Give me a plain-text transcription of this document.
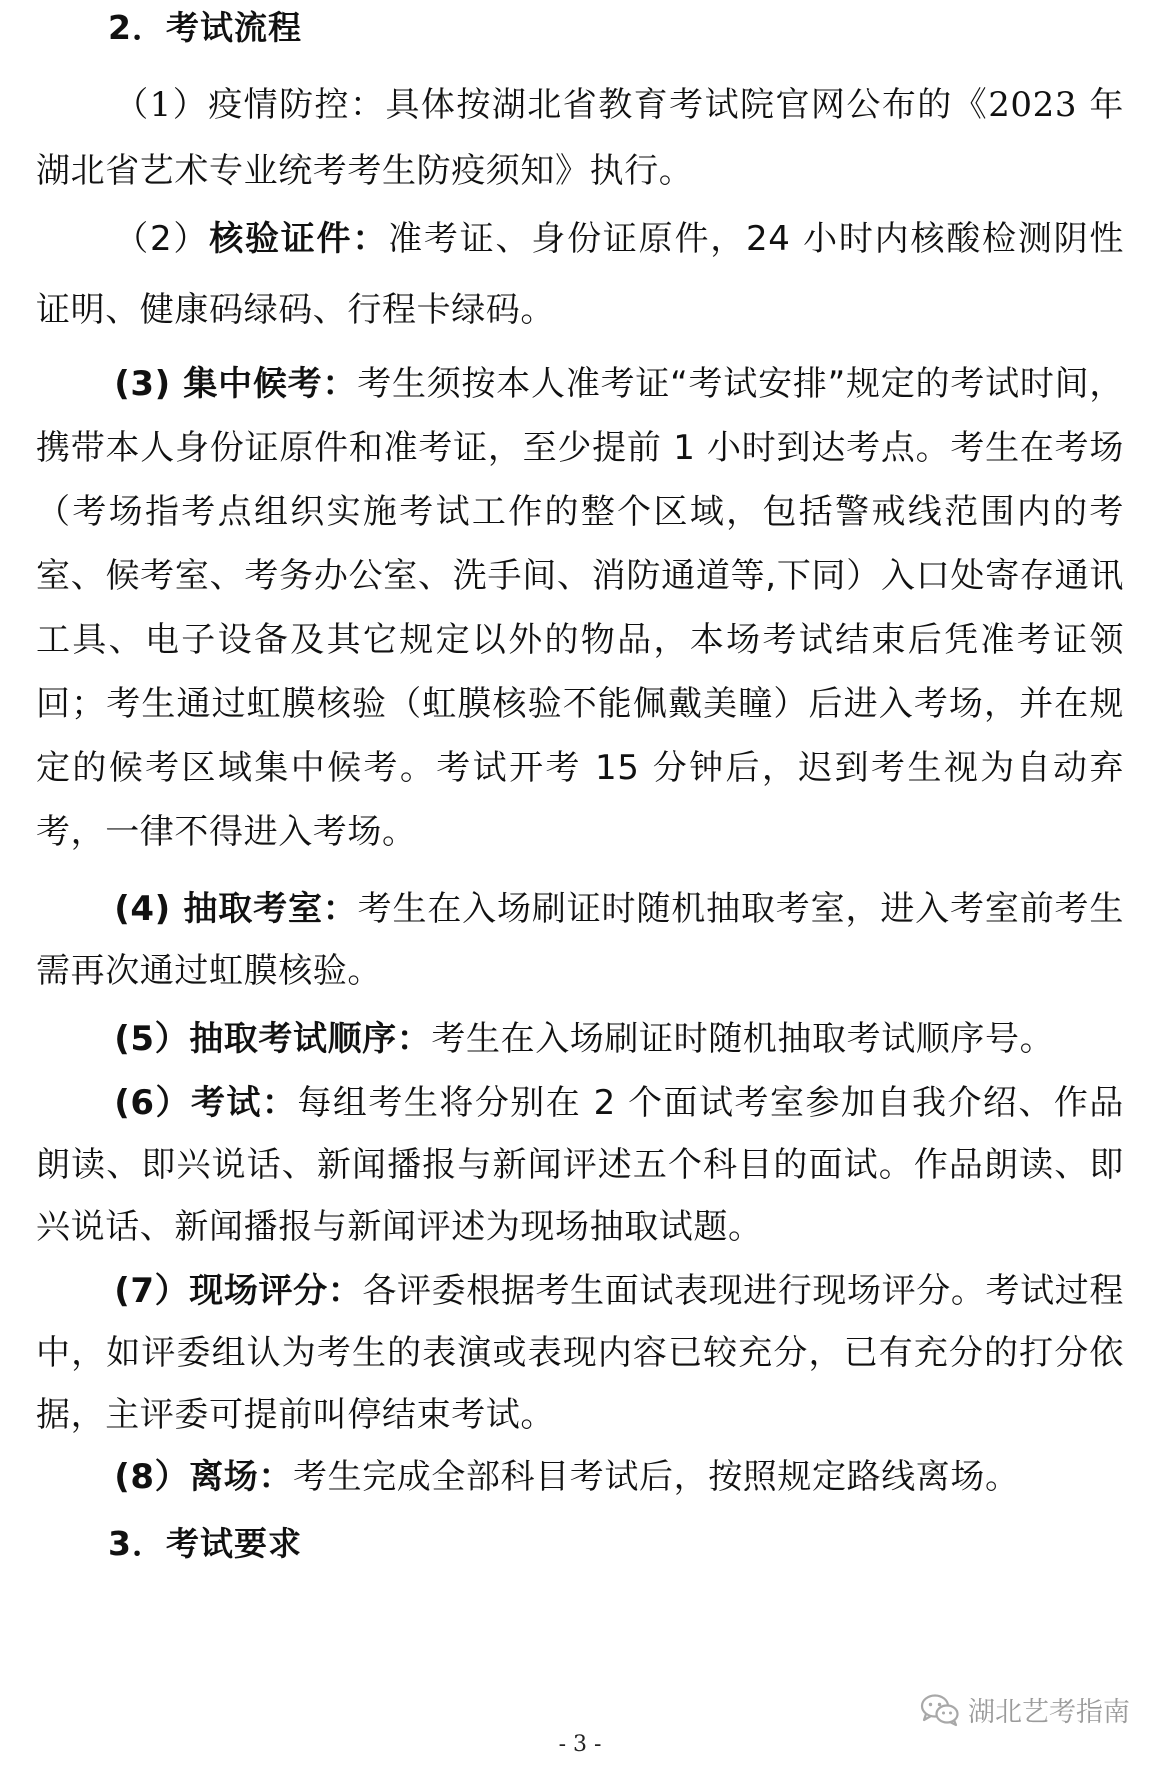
2．考试流程

（1）疫情防控：具体按湖北省教育考试院官网公布的《2023 年湖北省艺术专业统考考生防疫须知》执行。

（2）核验证件：准考证、身份证原件，24 小时内核酸检测阴性证明、健康码绿码、行程卡绿码。

(3) 集中候考：考生须按本人准考证“考试安排”规定的考试时间，携带本人身份证原件和准考证，至少提前 1 小时到达考点。考生在考场（考场指考点组织实施考试工作的整个区域，包括警戒线范围内的考室、候考室、考务办公室、洗手间、消防通道等,下同）入口处寄存通讯工具、电子设备及其它规定以外的物品，本场考试结束后凭准考证领回；考生通过虹膜核验（虹膜核验不能佩戴美瞳）后进入考场，并在规定的候考区域集中候考。考试开考 15 分钟后，迟到考生视为自动弃考，一律不得进入考场。

(4) 抽取考室：考生在入场刷证时随机抽取考室，进入考室前考生需再次通过虹膜核验。

(5）抽取考试顺序：考生在入场刷证时随机抽取考试顺序号。

(6）考试：每组考生将分别在 2 个面试考室参加自我介绍、作品朗读、即兴说话、新闻播报与新闻评述五个科目的面试。作品朗读、即兴说话、新闻播报与新闻评述为现场抽取试题。

(7）现场评分：各评委根据考生面试表现进行现场评分。考试过程中，如评委组认为考生的表演或表现内容已较充分，已有充分的打分依据，主评委可提前叫停结束考试。

(8）离场：考生完成全部科目考试后，按照规定路线离场。

3．考试要求
湖北艺考指南
- 3 -
